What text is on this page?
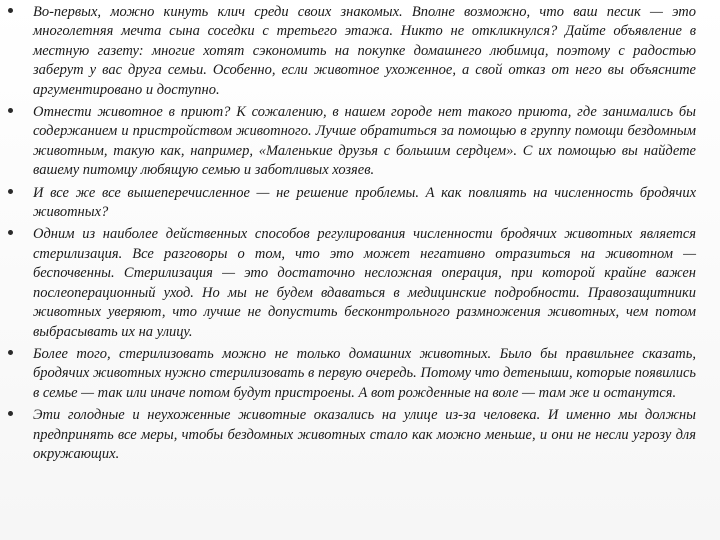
Во-первых, можно кинуть клич среди своих знакомых. Вполне возможно, что ваш песик — это многолетняя мечта сына соседки с третьего этажа. Никто не откликнулся? Дайте объявление в местную газету: многие хотят сэкономить на покупке домашнего любимца, поэтому с радостью заберут у вас друга семьи. Особенно, если животное ухоженное, а свой отказ от него вы объясните аргументировано и доступно.
Отнести животное в приют? К сожалению, в нашем городе нет такого приюта, где занимались бы содержанием и пристройством животного. Лучше обратиться за помощью в группу помощи бездомным животным, такую как, например, «Маленькие друзья с большим сердцем». С их помощью вы найдете вашему питомцу любящую семью и заботливых хозяев.
И все же все вышеперечисленное — не решение проблемы. А как повлиять на численность бродячих животных?
Одним из наиболее действенных способов регулирования численности бродячих животных является стерилизация. Все разговоры о том, что это может негативно отразиться на животном — беспочвенны. Стерилизация — это достаточно несложная операция, при которой крайне важен послеоперационный уход. Но мы не будем вдаваться в медицинские подробности. Правозащитники животных уверяют, что лучше не допустить бесконтрольного размножения животных, чем потом выбрасывать их на улицу.
Более того, стерилизовать можно не только домашних животных. Было бы правильнее сказать, бродячих животных нужно стерилизовать в первую очередь. Потому что детеныши, которые появились в семье — так или иначе потом будут пристроены. А вот рожденные на воле — там же и останутся.
Эти голодные и неухоженные животные оказались на улице из-за человека. И именно мы должны предпринять все меры, чтобы бездомных животных стало как можно меньше, и они не несли угрозу для окружающих.
